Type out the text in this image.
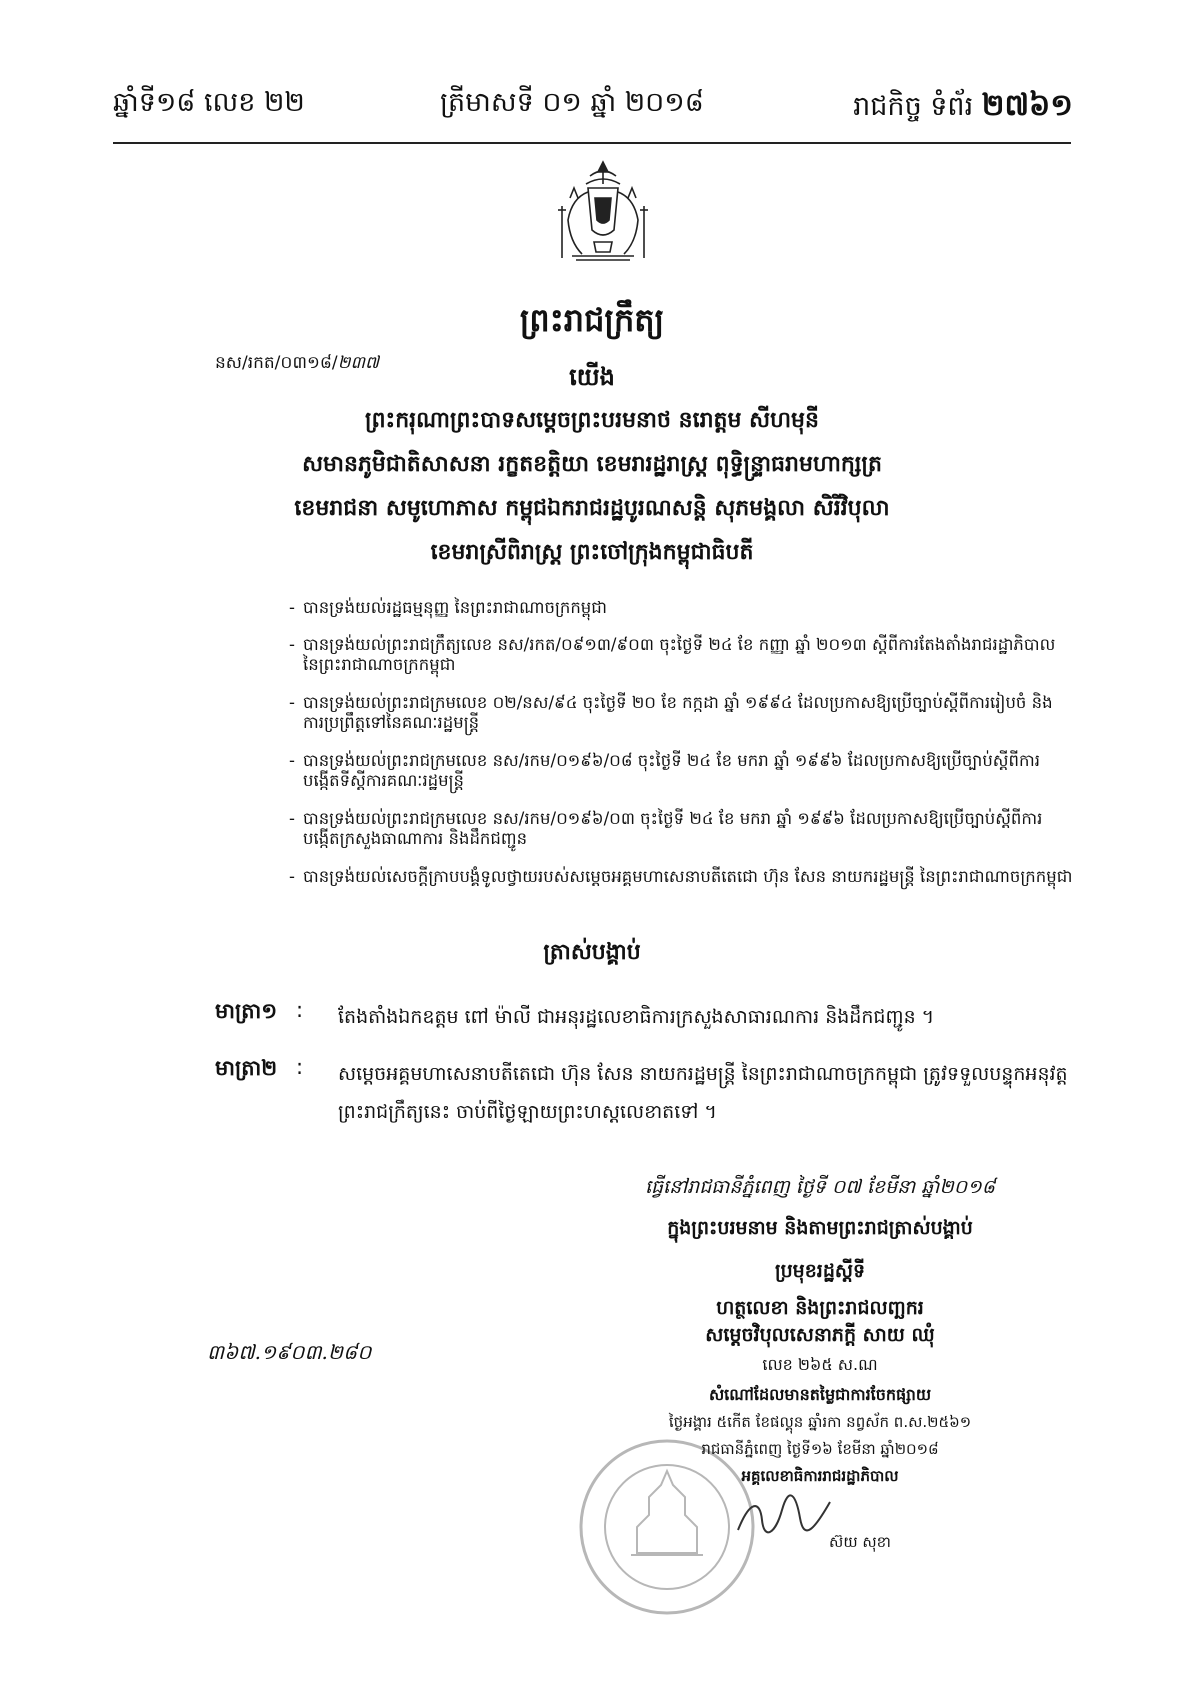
ឆ្នាំទី១៨ លេខ ២២	ត្រីមាសទី ០១ ឆ្នាំ ២០១៨	រាជកិច្ច ទំព័រ ២៧៦១
ព្រះរាជក្រឹត្យ
នស/រកត/០៣១៨/២៣៧	យើង
ព្រះករុណាព្រះបាទសម្តេចព្រះបរមនាថ នរោត្តម សីហមុនី
សមានភូមិជាតិសាសនា រក្ខតខត្តិយា ខេមរារដ្ឋរាស្ត្រ ពុទ្ធិន្ទ្រាធរាមហាក្សត្រ
ខេមរាជនា សមូហោភាស កម្ពុជឯករាជរដ្ឋបូរណសន្តិ សុភមង្គលា សិរីវិបុលា
ខេមរាស្រីពិរាស្ត្រ ព្រះចៅក្រុងកម្ពុជាធិបតី
- បានទ្រង់យល់រដ្ឋធម្មនុញ្ញ នៃព្រះរាជាណាចក្រកម្ពុជា
- បានទ្រង់យល់ព្រះរាជក្រឹត្យលេខ នស/រកត/០៩១៣/៩០៣ ចុះថ្ងៃទី ២៤ ខែ កញ្ញា ឆ្នាំ ២០១៣ ស្តីពីការតែងតាំងរាជរដ្ឋាភិបាល នៃព្រះរាជាណាចក្រកម្ពុជា
- បានទ្រង់យល់ព្រះរាជក្រមលេខ ០២/នស/៩៤ ចុះថ្ងៃទី ២០ ខែ កក្កដា ឆ្នាំ ១៩៩៤ ដែលប្រកាសឱ្យប្រើច្បាប់ស្តីពីការរៀបចំ និងការប្រព្រឹត្តទៅនៃគណៈរដ្ឋមន្ត្រី
- បានទ្រង់យល់ព្រះរាជក្រមលេខ នស/រកម/០១៩៦/០៨ ចុះថ្ងៃទី ២៤ ខែ មករា ឆ្នាំ ១៩៩៦ ដែលប្រកាសឱ្យប្រើច្បាប់ស្តីពីការបង្កើតទីស្តីការគណៈរដ្ឋមន្ត្រី
- បានទ្រង់យល់ព្រះរាជក្រមលេខ នស/រកម/០១៩៦/០៣ ចុះថ្ងៃទី ២៤ ខែ មករា ឆ្នាំ ១៩៩៦ ដែលប្រកាសឱ្យប្រើច្បាប់ស្តីពីការបង្កើតក្រសួងធាណាការ និងដឹកជញ្ជូន
- បានទ្រង់យល់សេចក្តីក្រាបបង្គំទូលថ្វាយរបស់សម្តេចអគ្គមហាសេនាបតីតេជោ ហ៊ុន សែន នាយករដ្ឋមន្ត្រី នៃព្រះរាជាណាចក្រកម្ពុជា
ត្រាស់បង្គាប់
មាត្រា១ : តែងតាំងឯកឧត្តម ពៅ ម៉ាលី ជាអនុរដ្ឋលេខាធិការក្រសួងសាធារណការ និងដឹកជញ្ជូន ។
មាត្រា២ : សម្តេចអគ្គមហាសេនាបតីតេជោ ហ៊ុន សែន នាយករដ្ឋមន្ត្រី នៃព្រះរាជាណាចក្រកម្ពុជា ត្រូវទទួលបន្ទុកអនុវត្តព្រះរាជក្រឹត្យនេះ ចាប់ពីថ្ងៃឡាយព្រះហស្តលេខាតទៅ ។
៣៦៧.១៩០៣.២៨០
ធ្វើនៅរាជធានីភ្នំពេញ ថ្ងៃទី ០៧ ខែមីនា ឆ្នាំ២០១៨
ក្នុងព្រះបរមនាម និងតាមព្រះរាជត្រាស់បង្គាប់
ប្រមុខរដ្ឋស្តីទី
ហត្ថលេខា និងព្រះរាជលញ្ឆករ
សម្តេចវិបុលសេនាភក្តី សាយ ឈុំ
លេខ ២៦៥ ស.ណ
សំណៅដែលមានតម្លៃជាការចែកផ្សាយ
ថ្ងៃអង្គារ ៥កើត ខែផល្គុន ឆ្នាំរកា នព្វស័ក ព.ស.២៥៦១
រាជធានីភ្នំពេញ ថ្ងៃទី១៦ ខែមីនា ឆ្នាំ២០១៨
អគ្គលេខាធិការរាជរដ្ឋាភិបាល
ស៊យ សុខា
